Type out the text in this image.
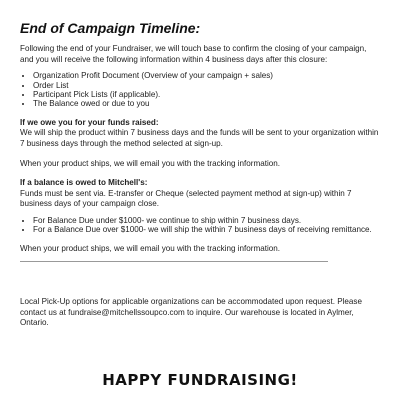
End of Campaign Timeline:

Following the end of your Fundraiser, we will touch base to confirm the closing of your campaign, and you will receive the following information within 4 business days after this closure:

• Organization Profit Document (Overview of your campaign + sales)
• Order List
• Participant Pick Lists (if applicable).
• The Balance owed or due to you

If we owe you for your funds raised:

We will ship the product within 7 business days and the funds will be sent to your organization within 7 business days through the method selected at sign-up.

When your product ships, we will email you with the tracking information.

If a balance is owed to Mitchell's:

Funds must be sent via. E-transfer or Cheque (selected payment method at sign-up) within 7 business days of your campaign close.

• For Balance Due under $1000- we continue to ship within 7 business days.
• For a Balance Due over $1000- we will ship the within 7 business days of receiving remittance.

When your product ships, we will email you with the tracking information.

Local Pick-Up options for applicable organizations can be accommodated upon request. Please contact us at fundraise@mitchellssoupco.com to inquire. Our warehouse is located in Aylmer, Ontario.

HAPPY FUNDRAISING!
